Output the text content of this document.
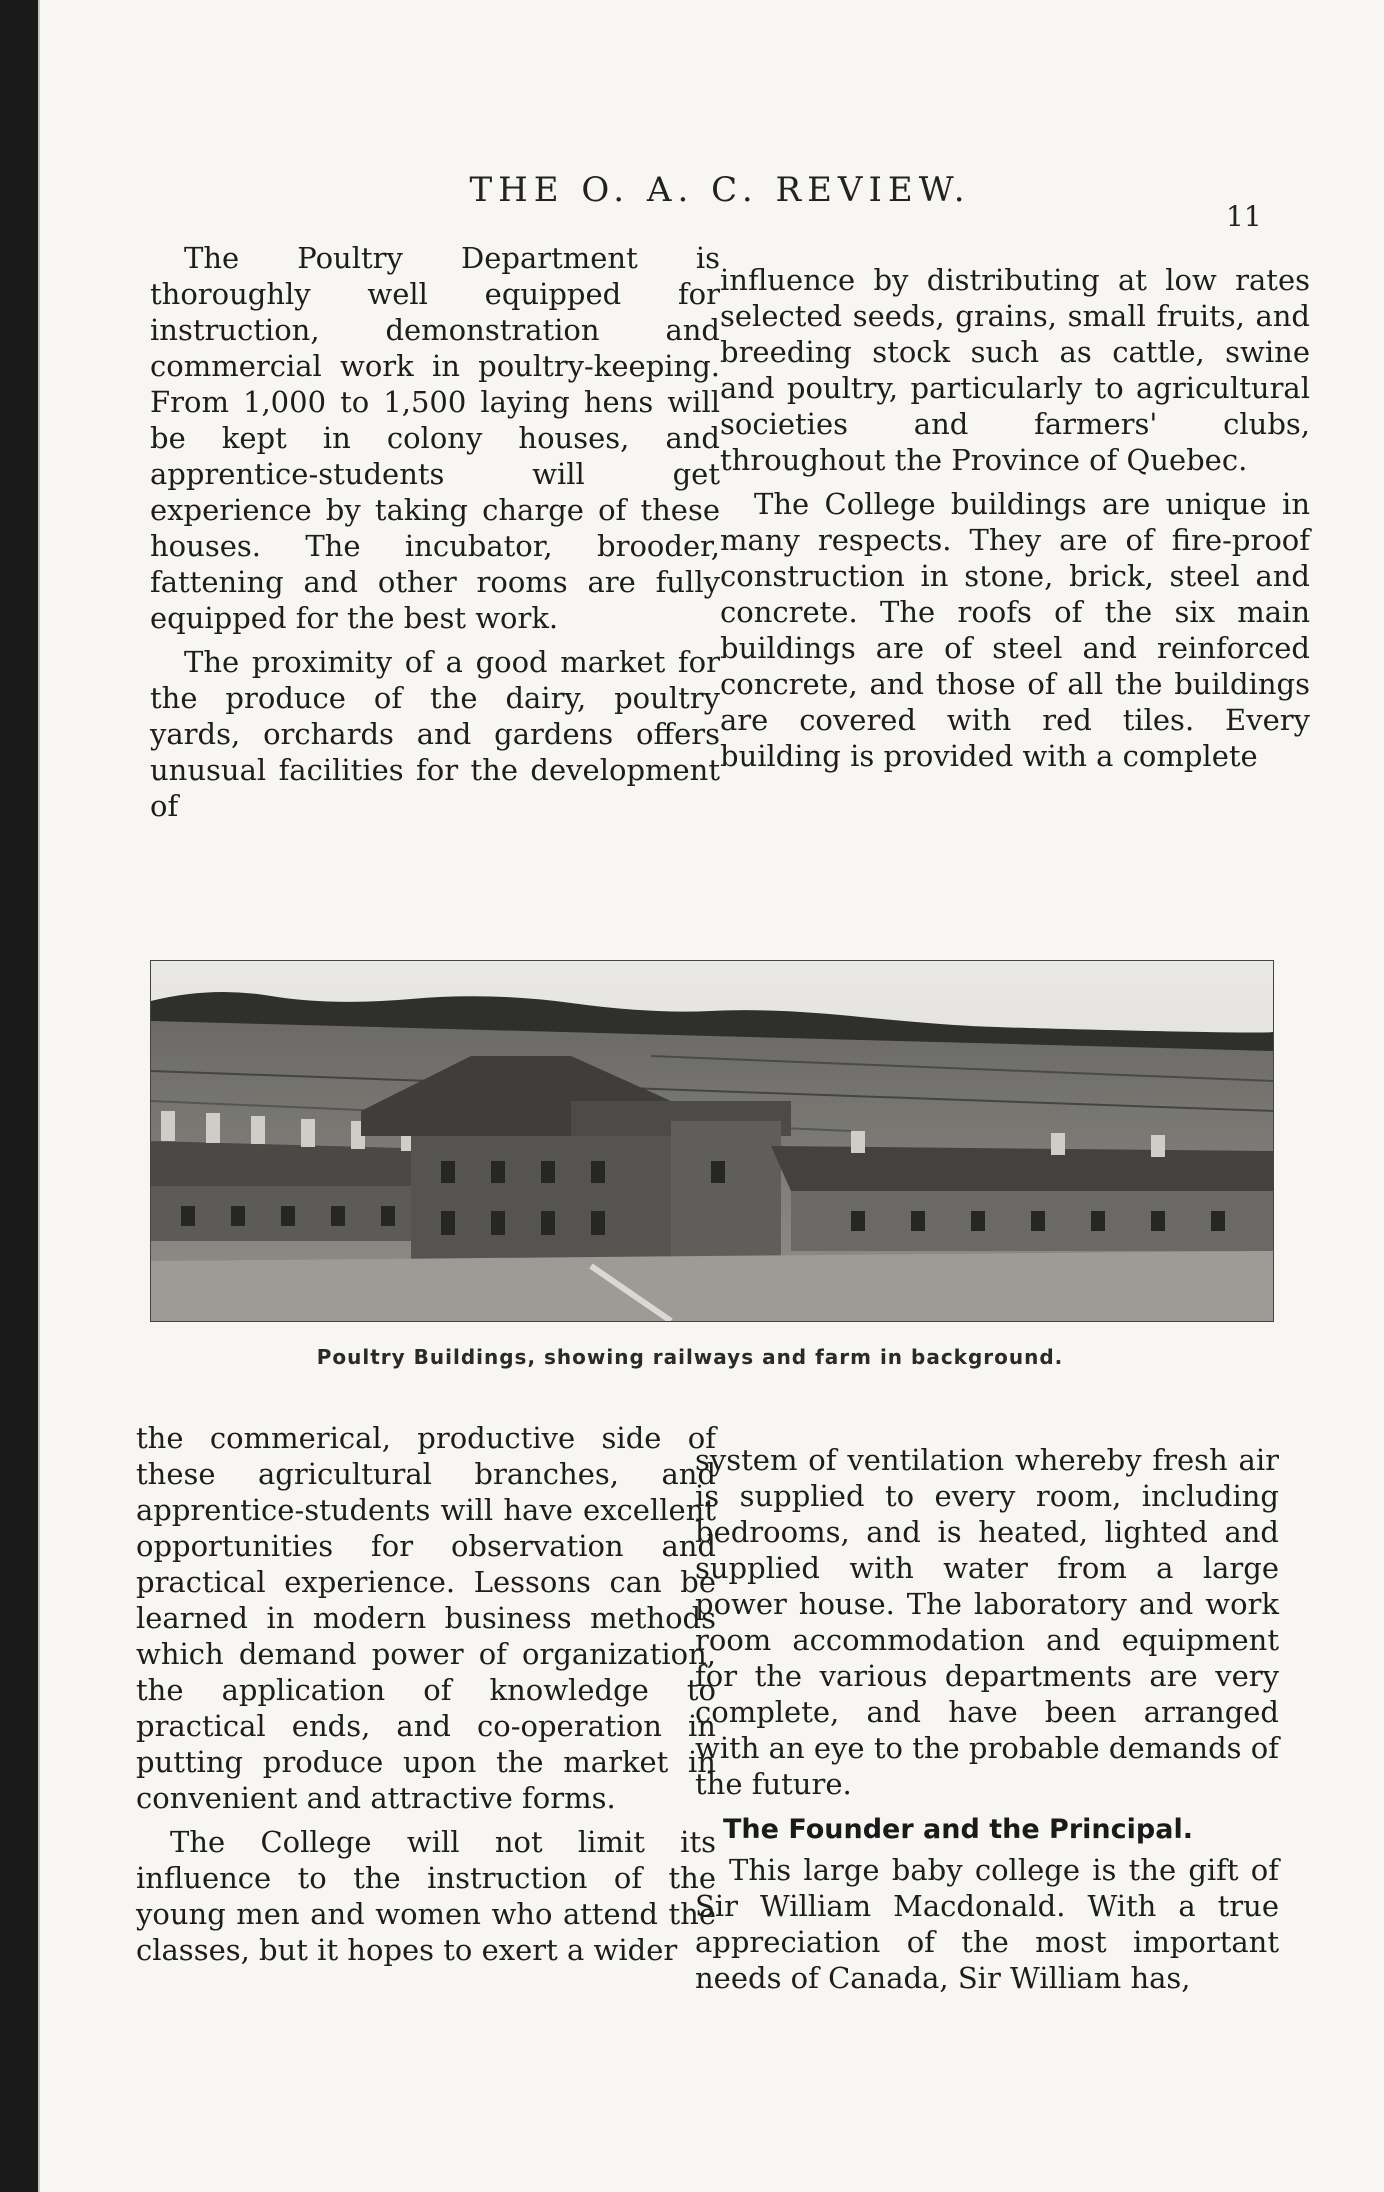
THE O. A. C. REVIEW.
11

The Poultry Department is thoroughly well equipped for instruction, demonstration and commercial work in poultry-keeping. From 1,000 to 1,500 laying hens will be kept in colony houses, and apprentice-students will get experience by taking charge of these houses. The incubator, brooder, fattening and other rooms are fully equipped for the best work.

The proximity of a good market for the produce of the dairy, poultry yards, orchards and gardens offers unusual facilities for the development of

influence by distributing at low rates selected seeds, grains, small fruits, and breeding stock such as cattle, swine and poultry, particularly to agricultural societies and farmers' clubs, throughout the Province of Quebec.

The College buildings are unique in many respects. They are of fire-proof construction in stone, brick, steel and concrete. The roofs of the six main buildings are of steel and reinforced concrete, and those of all the buildings are covered with red tiles. Every building is provided with a complete

Poultry Buildings, showing railways and farm in background.

the commerical, productive side of these agricultural branches, and apprentice-students will have excellent opportunities for observation and practical experience. Lessons can be learned in modern business methods which demand power of organization, the application of knowledge to practical ends, and co-operation in putting produce upon the market in convenient and attractive forms.

The College will not limit its influence to the instruction of the young men and women who attend the classes, but it hopes to exert a wider

system of ventilation whereby fresh air is supplied to every room, including bedrooms, and is heated, lighted and supplied with water from a large power house. The laboratory and work room accommodation and equipment for the various departments are very complete, and have been arranged with an eye to the probable demands of the future.

The Founder and the Principal.

This large baby college is the gift of Sir William Macdonald. With a true appreciation of the most important needs of Canada, Sir William has,
